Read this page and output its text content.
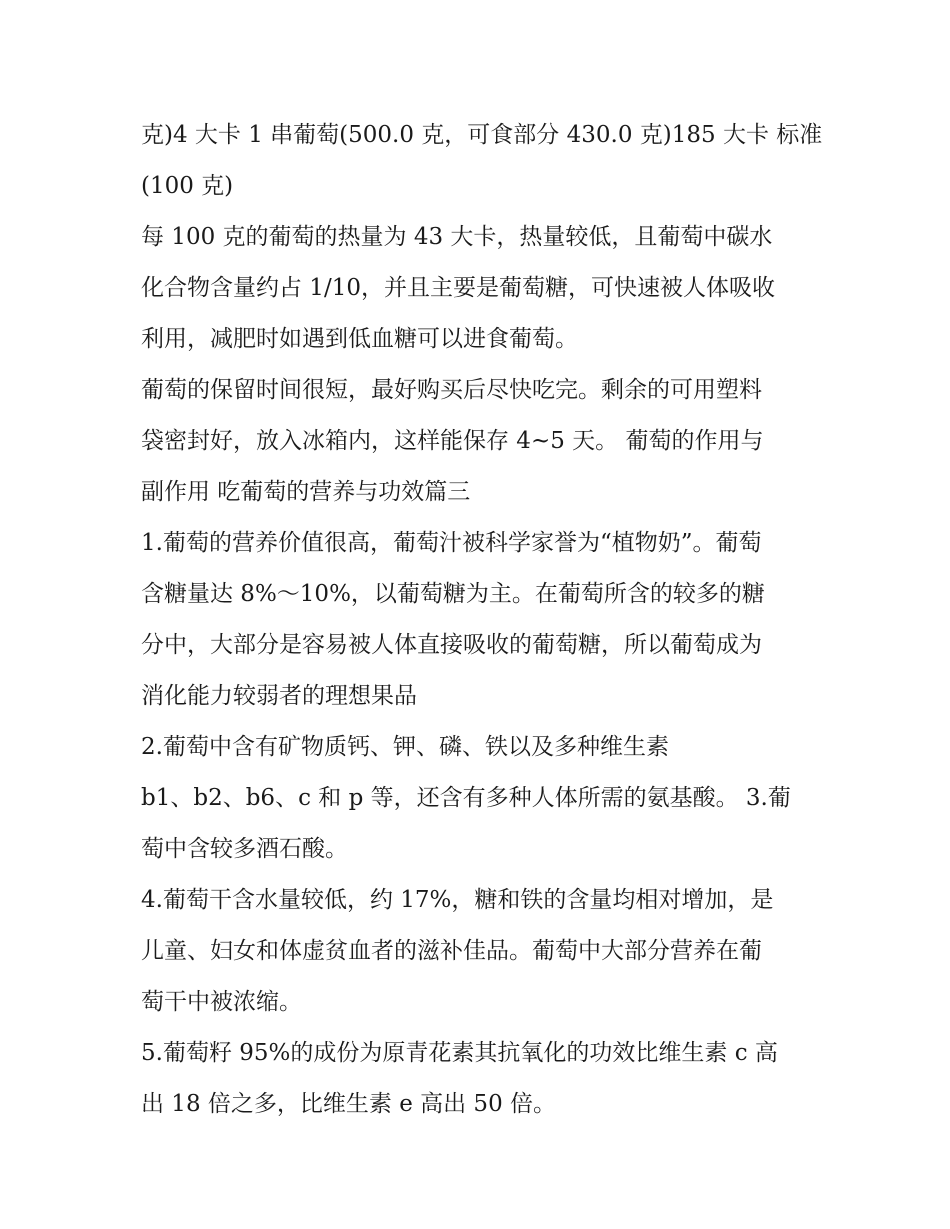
克)4 大卡 1 串葡萄(500.0 克，可食部分 430.0 克)185 大卡 标准
(100 克)
每 100 克的葡萄的热量为 43 大卡，热量较低，且葡萄中碳水
化合物含量约占 1/10，并且主要是葡萄糖，可快速被人体吸收
利用，减肥时如遇到低血糖可以进食葡萄。
葡萄的保留时间很短，最好购买后尽快吃完。剩余的可用塑料
袋密封好，放入冰箱内，这样能保存 4~5 天。 葡萄的作用与
副作用 吃葡萄的营养与功效篇三
1.葡萄的营养价值很高，葡萄汁被科学家誉为“植物奶”。葡萄
含糖量达 8%～10%，以葡萄糖为主。在葡萄所含的较多的糖
分中，大部分是容易被人体直接吸收的葡萄糖，所以葡萄成为
消化能力较弱者的理想果品
2.葡萄中含有矿物质钙、钾、磷、铁以及多种维生素
b1、b2、b6、c 和 p 等，还含有多种人体所需的氨基酸。 3.葡
萄中含较多酒石酸。
4.葡萄干含水量较低，约 17%，糖和铁的含量均相对增加，是
儿童、妇女和体虚贫血者的滋补佳品。葡萄中大部分营养在葡
萄干中被浓缩。
5.葡萄籽 95%的成份为原青花素其抗氧化的功效比维生素 c 高
出 18 倍之多，比维生素 e 高出 50 倍。
